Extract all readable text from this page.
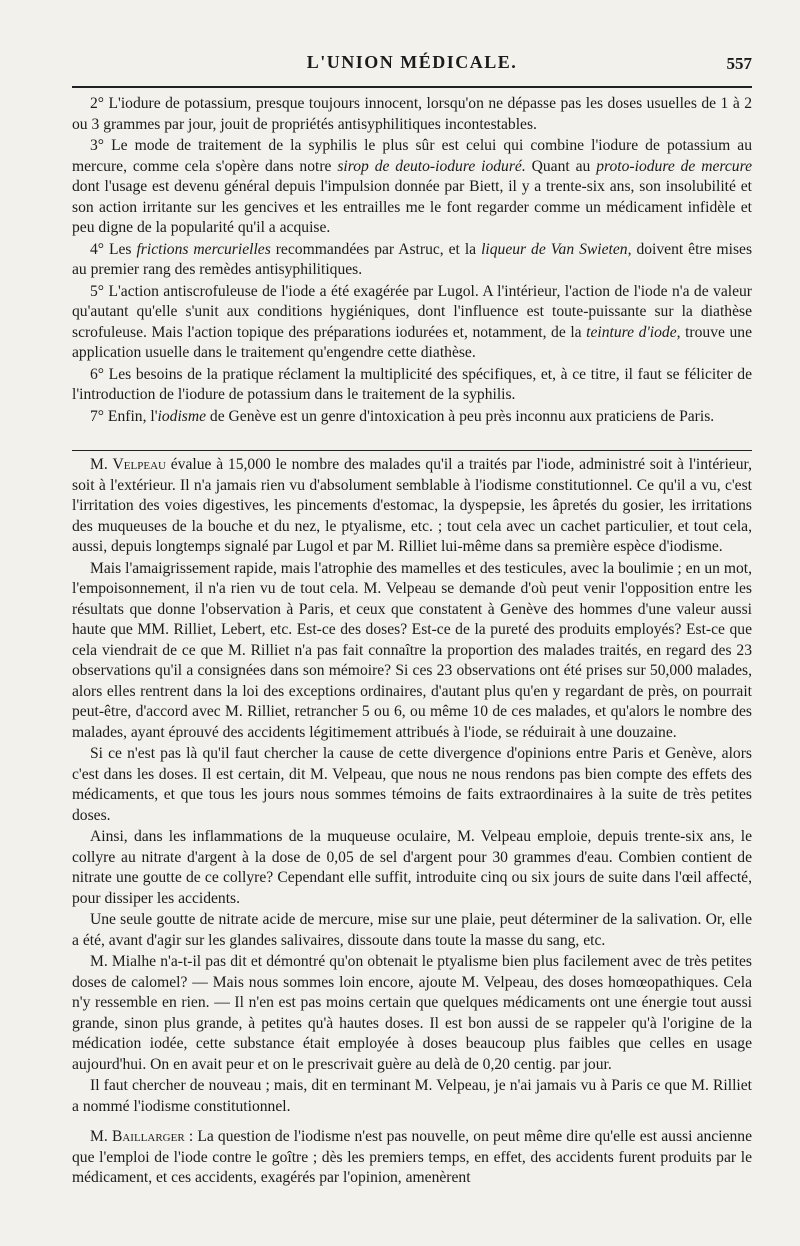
L'UNION MÉDICALE.	557

2° L'iodure de potassium, presque toujours innocent, lorsqu'on ne dépasse pas les doses usuelles de 1 à 2 ou 3 grammes par jour, jouit de propriétés antisyphilitiques incontestables.

3° Le mode de traitement de la syphilis le plus sûr est celui qui combine l'iodure de potassium au mercure, comme cela s'opère dans notre sirop de deuto-iodure ioduré. Quant au proto-iodure de mercure dont l'usage est devenu général depuis l'impulsion donnée par Biett, il y a trente-six ans, son insolubilité et son action irritante sur les gencives et les entrailles me le font regarder comme un médicament infidèle et peu digne de la popularité qu'il a acquise.

4° Les frictions mercurielles recommandées par Astruc, et la liqueur de Van Swieten, doivent être mises au premier rang des remèdes antisyphilitiques.

5° L'action antiscrofuleuse de l'iode a été exagérée par Lugol. A l'intérieur, l'action de l'iode n'a de valeur qu'autant qu'elle s'unit aux conditions hygiéniques, dont l'influence est toute-puissante sur la diathèse scrofuleuse. Mais l'action topique des préparations iodurées et, notamment, de la teinture d'iode, trouve une application usuelle dans le traitement qu'engendre cette diathèse.

6° Les besoins de la pratique réclament la multiplicité des spécifiques, et, à ce titre, il faut se féliciter de l'introduction de l'iodure de potassium dans le traitement de la syphilis.

7° Enfin, l'iodisme de Genève est un genre d'intoxication à peu près inconnu aux praticiens de Paris.

M. Velpeau évalue à 15,000 le nombre des malades qu'il a traités par l'iode, administré soit à l'intérieur, soit à l'extérieur. Il n'a jamais rien vu d'absolument semblable à l'iodisme constitutionnel. Ce qu'il a vu, c'est l'irritation des voies digestives, les pincements d'estomac, la dyspepsie, les âpretés du gosier, les irritations des muqueuses de la bouche et du nez, le ptyalisme, etc. ; tout cela avec un cachet particulier, et tout cela, aussi, depuis longtemps signalé par Lugol et par M. Rilliet lui-même dans sa première espèce d'iodisme.

Mais l'amaigrissement rapide, mais l'atrophie des mamelles et des testicules, avec la boulimie ; en un mot, l'empoisonnement, il n'a rien vu de tout cela. M. Velpeau se demande d'où peut venir l'opposition entre les résultats que donne l'observation à Paris, et ceux que constatent à Genève des hommes d'une valeur aussi haute que MM. Rilliet, Lebert, etc. Est-ce des doses? Est-ce de la pureté des produits employés? Est-ce que cela viendrait de ce que M. Rilliet n'a pas fait connaître la proportion des malades traités, en regard des 23 observations qu'il a consignées dans son mémoire? Si ces 23 observations ont été prises sur 50,000 malades, alors elles rentrent dans la loi des exceptions ordinaires, d'autant plus qu'en y regardant de près, on pourrait peut-être, d'accord avec M. Rilliet, retrancher 5 ou 6, ou même 10 de ces malades, et qu'alors le nombre des malades, ayant éprouvé des accidents légitimement attribués à l'iode, se réduirait à une douzaine.

Si ce n'est pas là qu'il faut chercher la cause de cette divergence d'opinions entre Paris et Genève, alors c'est dans les doses. Il est certain, dit M. Velpeau, que nous ne nous rendons pas bien compte des effets des médicaments, et que tous les jours nous sommes témoins de faits extraordinaires à la suite de très petites doses.

Ainsi, dans les inflammations de la muqueuse oculaire, M. Velpeau emploie, depuis trente-six ans, le collyre au nitrate d'argent à la dose de 0,05 de sel d'argent pour 30 grammes d'eau. Combien contient de nitrate une goutte de ce collyre? Cependant elle suffit, introduite cinq ou six jours de suite dans l'œil affecté, pour dissiper les accidents.

Une seule goutte de nitrate acide de mercure, mise sur une plaie, peut déterminer de la salivation. Or, elle a été, avant d'agir sur les glandes salivaires, dissoute dans toute la masse du sang, etc.

M. Mialhe n'a-t-il pas dit et démontré qu'on obtenait le ptyalisme bien plus facilement avec de très petites doses de calomel? — Mais nous sommes loin encore, ajoute M. Velpeau, des doses homœopathiques. Cela n'y ressemble en rien. — Il n'en est pas moins certain que quelques médicaments ont une énergie tout aussi grande, sinon plus grande, à petites qu'à hautes doses. Il est bon aussi de se rappeler qu'à l'origine de la médication iodée, cette substance était employée à doses beaucoup plus faibles que celles en usage aujourd'hui. On en avait peur et on le prescrivait guère au delà de 0,20 centig. par jour.

Il faut chercher de nouveau ; mais, dit en terminant M. Velpeau, je n'ai jamais vu à Paris ce que M. Rilliet a nommé l'iodisme constitutionnel.

M. Baillarger : La question de l'iodisme n'est pas nouvelle, on peut même dire qu'elle est aussi ancienne que l'emploi de l'iode contre le goître ; dès les premiers temps, en effet, des accidents furent produits par le médicament, et ces accidents, exagérés par l'opinion, amenèrent
